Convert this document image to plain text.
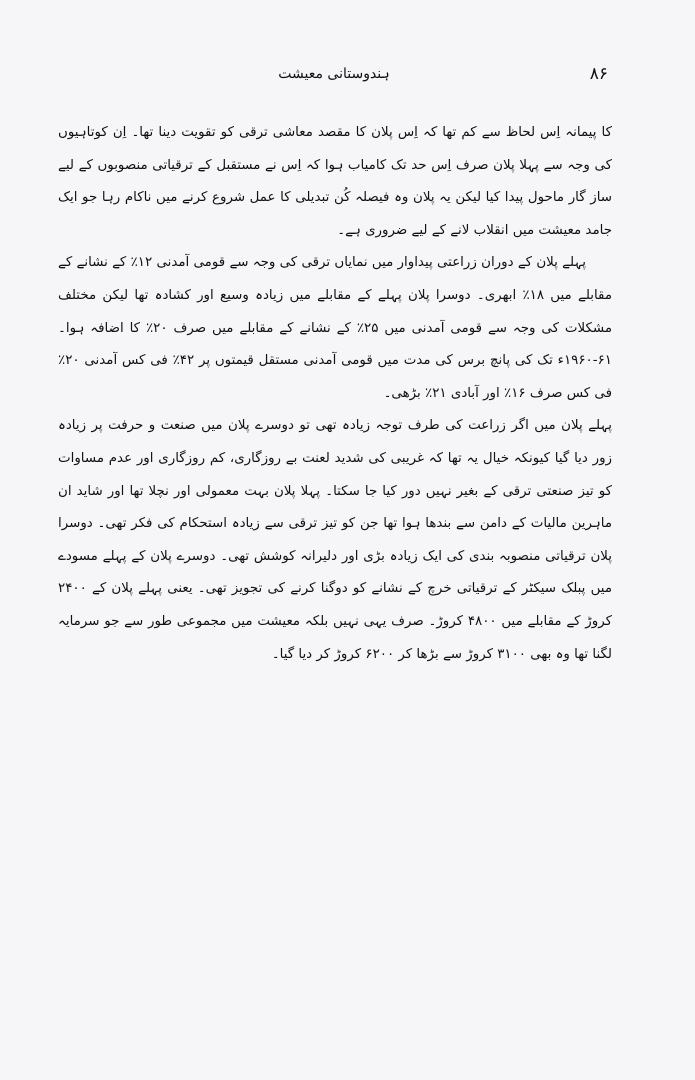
۸۶
ہندوستانی معیشت

کا پیمانہ اِس لحاظ سے کم تھا کہ اِس پلان کا مقصد معاشی ترقی کو تقویت دینا تھا۔ اِن کوتاہیوں کی وجہ سے پہلا پلان صرف اِس حد تک کامیاب ہوا کہ اِس نے مستقبل کے ترقیاتی منصوبوں کے لیے ساز گار ماحول پیدا کیا لیکن یہ پلان وہ فیصلہ کُن تبدیلی کا عمل شروع کرنے میں ناکام رہا جو ایک جامد معیشت میں انقلاب لانے کے لیے ضروری ہے۔

پہلے پلان کے دوران زراعتی پیداوار میں نمایاں ترقی کی وجہ سے قومی آمدنی ۱۲٪ کے نشانے کے مقابلے میں ۱۸٪ ابھری۔ دوسرا پلان پہلے کے مقابلے میں زیادہ وسیع اور کشادہ تھا لیکن مختلف مشکلات کی وجہ سے قومی آمدنی میں ۲۵٪ کے نشانے کے مقابلے میں صرف ۲۰٪ کا اضافہ ہوا۔ ۶۱-۱۹۶۰ء تک کی پانچ برس کی مدت میں قومی آمدنی مستقل قیمتوں پر ۴۲٪ فی کس آمدنی ۲۰٪ فی کس صرف ۱۶٪ اور آبادی ۲۱٪ بڑھی۔

پہلے پلان میں اگر زراعت کی طرف توجہ زیادہ تھی تو دوسرے پلان میں صنعت و حرفت پر زیادہ زور دیا گیا کیونکہ خیال یہ تھا کہ غریبی کی شدید لعنت بے روزگاری، کم روزگاری اور عدم مساوات کو تیز صنعتی ترقی کے بغیر نہیں دور کیا جا سکتا۔ پہلا پلان بہت معمولی اور نچلا تھا اور شاید ان ماہرین مالیات کے دامن سے بندھا ہوا تھا جن کو تیز ترقی سے زیادہ استحکام کی فکر تھی۔ دوسرا پلان ترقیاتی منصوبہ بندی کی ایک زیادہ بڑی اور دلیرانہ کوشش تھی۔ دوسرے پلان کے پہلے مسودے میں پبلک سیکٹر کے ترقیاتی خرچ کے نشانے کو دوگنا کرنے کی تجویز تھی۔ یعنی پہلے پلان کے ۲۴۰۰ کروڑ کے مقابلے میں ۴۸۰۰ کروڑ۔ صرف یہی نہیں بلکہ معیشت میں مجموعی طور سے جو سرمایہ لگنا تھا وہ بھی ۳۱۰۰ کروڑ سے بڑھا کر ۶۲۰۰ کروڑ کر دیا گیا۔
